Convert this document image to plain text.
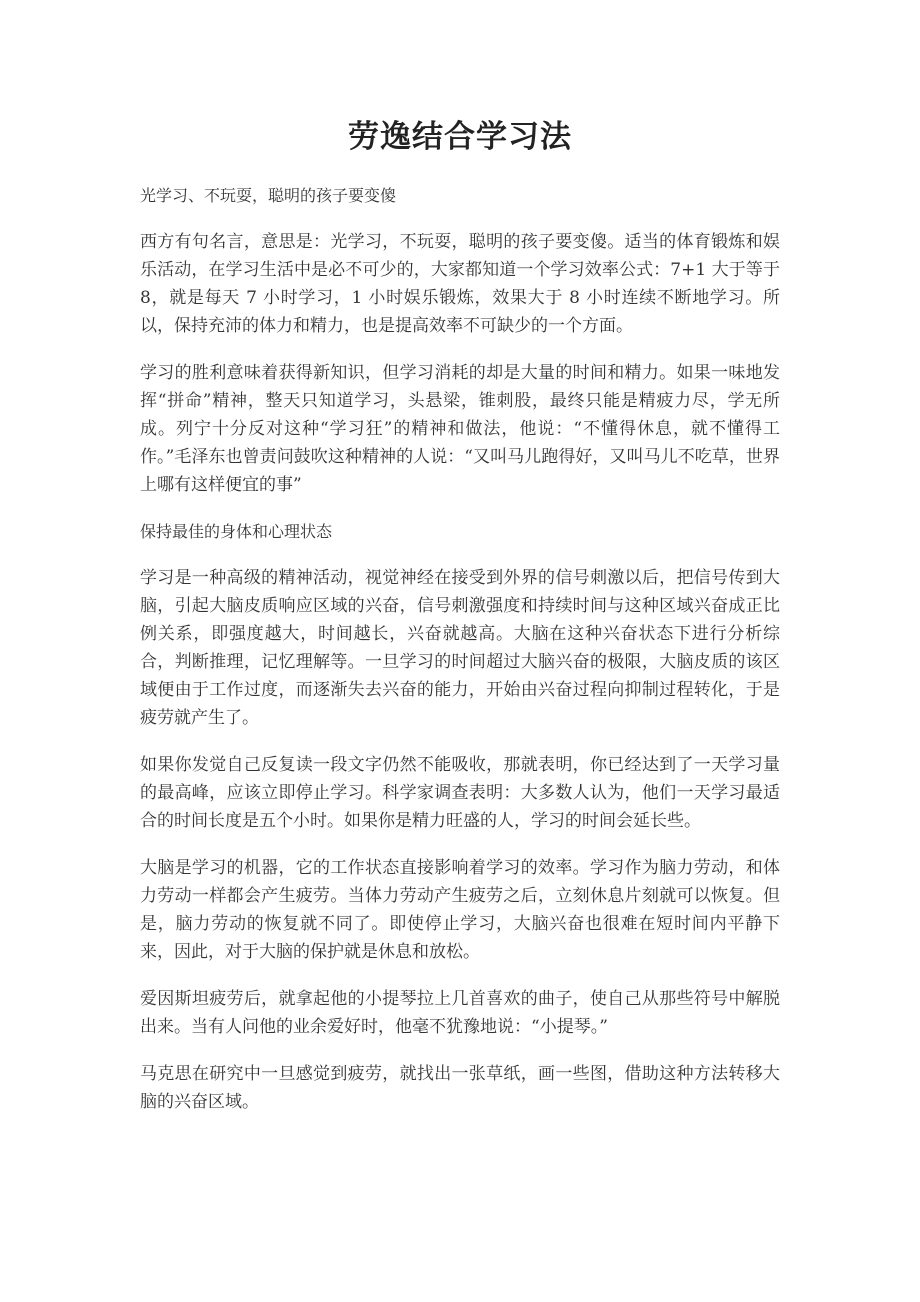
劳逸结合学习法

光学习、不玩耍，聪明的孩子要变傻

西方有句名言，意思是：光学习，不玩耍，聪明的孩子要变傻。适当的体育锻炼和娱乐活动，在学习生活中是必不可少的，大家都知道一个学习效率公式：7+1 大于等于 8，就是每天 7 小时学习，1 小时娱乐锻炼，效果大于 8 小时连续不断地学习。所以，保持充沛的体力和精力，也是提高效率不可缺少的一个方面。

学习的胜利意味着获得新知识，但学习消耗的却是大量的时间和精力。如果一味地发挥“拼命”精神，整天只知道学习，头悬梁，锥刺股，最终只能是精疲力尽，学无所成。列宁十分反对这种“学习狂”的精神和做法，他说：“不懂得休息，就不懂得工作。”毛泽东也曾责问鼓吹这种精神的人说：“又叫马儿跑得好，又叫马儿不吃草，世界上哪有这样便宜的事”

保持最佳的身体和心理状态

学习是一种高级的精神活动，视觉神经在接受到外界的信号刺激以后，把信号传到大脑，引起大脑皮质响应区域的兴奋，信号刺激强度和持续时间与这种区域兴奋成正比例关系，即强度越大，时间越长，兴奋就越高。大脑在这种兴奋状态下进行分析综合，判断推理，记忆理解等。一旦学习的时间超过大脑兴奋的极限，大脑皮质的该区域便由于工作过度，而逐渐失去兴奋的能力，开始由兴奋过程向抑制过程转化，于是疲劳就产生了。

如果你发觉自己反复读一段文字仍然不能吸收，那就表明，你已经达到了一天学习量的最高峰，应该立即停止学习。科学家调查表明：大多数人认为，他们一天学习最适合的时间长度是五个小时。如果你是精力旺盛的人，学习的时间会延长些。

大脑是学习的机器，它的工作状态直接影响着学习的效率。学习作为脑力劳动，和体力劳动一样都会产生疲劳。当体力劳动产生疲劳之后，立刻休息片刻就可以恢复。但是，脑力劳动的恢复就不同了。即使停止学习，大脑兴奋也很难在短时间内平静下来，因此，对于大脑的保护就是休息和放松。

爱因斯坦疲劳后，就拿起他的小提琴拉上几首喜欢的曲子，使自己从那些符号中解脱出来。当有人问他的业余爱好时，他毫不犹豫地说：“小提琴。”

马克思在研究中一旦感觉到疲劳，就找出一张草纸，画一些图，借助这种方法转移大脑的兴奋区域。
